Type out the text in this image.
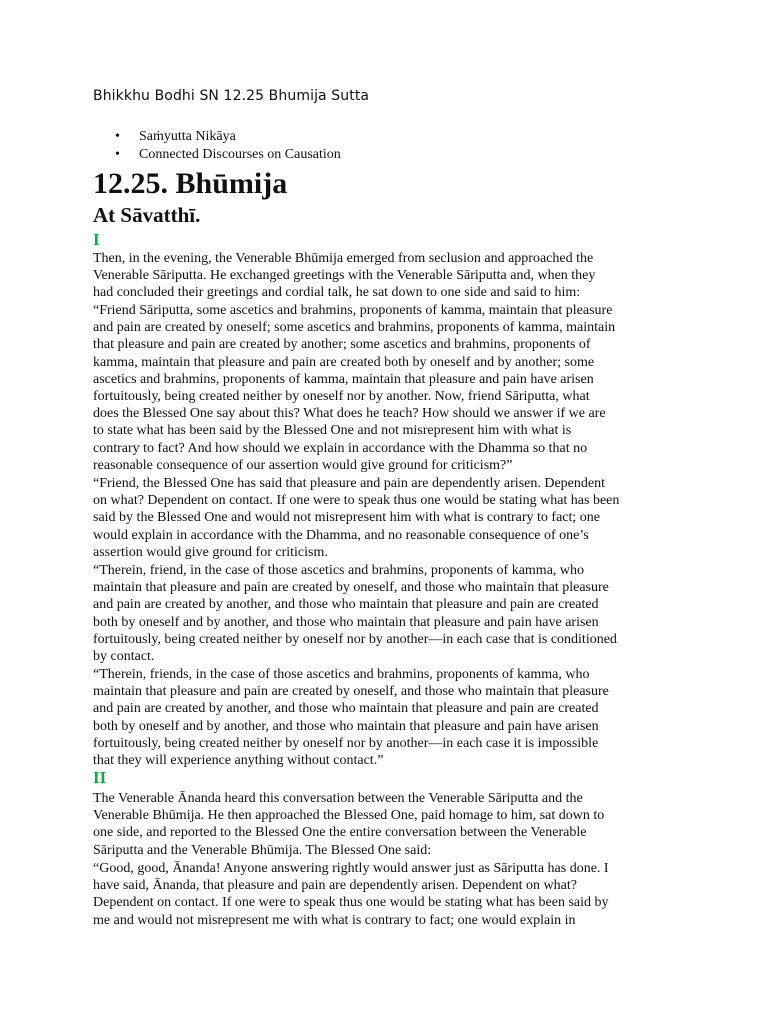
Bhikkhu Bodhi SN 12.25 Bhumija Sutta
• Saṁyutta Nikāya
• Connected Discourses on Causation
12.25. Bhūmija
At Sāvatthī.
I

Then, in the evening, the Venerable Bhūmija emerged from seclusion and approached the
Venerable Sāriputta. He exchanged greetings with the Venerable Sāriputta and, when they
had concluded their greetings and cordial talk, he sat down to one side and said to him:

“Friend Sāriputta, some ascetics and brahmins, proponents of kamma, maintain that pleasure
and pain are created by oneself; some ascetics and brahmins, proponents of kamma, maintain
that pleasure and pain are created by another; some ascetics and brahmins, proponents of
kamma, maintain that pleasure and pain are created both by oneself and by another; some
ascetics and brahmins, proponents of kamma, maintain that pleasure and pain have arisen
fortuitously, being created neither by oneself nor by another. Now, friend Sāriputta, what
does the Blessed One say about this? What does he teach? How should we answer if we are
to state what has been said by the Blessed One and not misrepresent him with what is
contrary to fact? And how should we explain in accordance with the Dhamma so that no
reasonable consequence of our assertion would give ground for criticism?”

“Friend, the Blessed One has said that pleasure and pain are dependently arisen. Dependent
on what? Dependent on contact. If one were to speak thus one would be stating what has been
said by the Blessed One and would not misrepresent him with what is contrary to fact; one
would explain in accordance with the Dhamma, and no reasonable consequence of one’s
assertion would give ground for criticism.

“Therein, friend, in the case of those ascetics and brahmins, proponents of kamma, who
maintain that pleasure and pain are created by oneself, and those who maintain that pleasure
and pain are created by another, and those who maintain that pleasure and pain are created
both by oneself and by another, and those who maintain that pleasure and pain have arisen
fortuitously, being created neither by oneself nor by another—in each case that is conditioned
by contact.

“Therein, friends, in the case of those ascetics and brahmins, proponents of kamma, who
maintain that pleasure and pain are created by oneself, and those who maintain that pleasure
and pain are created by another, and those who maintain that pleasure and pain are created
both by oneself and by another, and those who maintain that pleasure and pain have arisen
fortuitously, being created neither by oneself nor by another—in each case it is impossible
that they will experience anything without contact.”

II

The Venerable Ānanda heard this conversation between the Venerable Sāriputta and the
Venerable Bhūmija. He then approached the Blessed One, paid homage to him, sat down to
one side, and reported to the Blessed One the entire conversation between the Venerable
Sāriputta and the Venerable Bhūmija. The Blessed One said:

“Good, good, Ānanda! Anyone answering rightly would answer just as Sāriputta has done. I
have said, Ānanda, that pleasure and pain are dependently arisen. Dependent on what?
Dependent on contact. If one were to speak thus one would be stating what has been said by
me and would not misrepresent me with what is contrary to fact; one would explain in
